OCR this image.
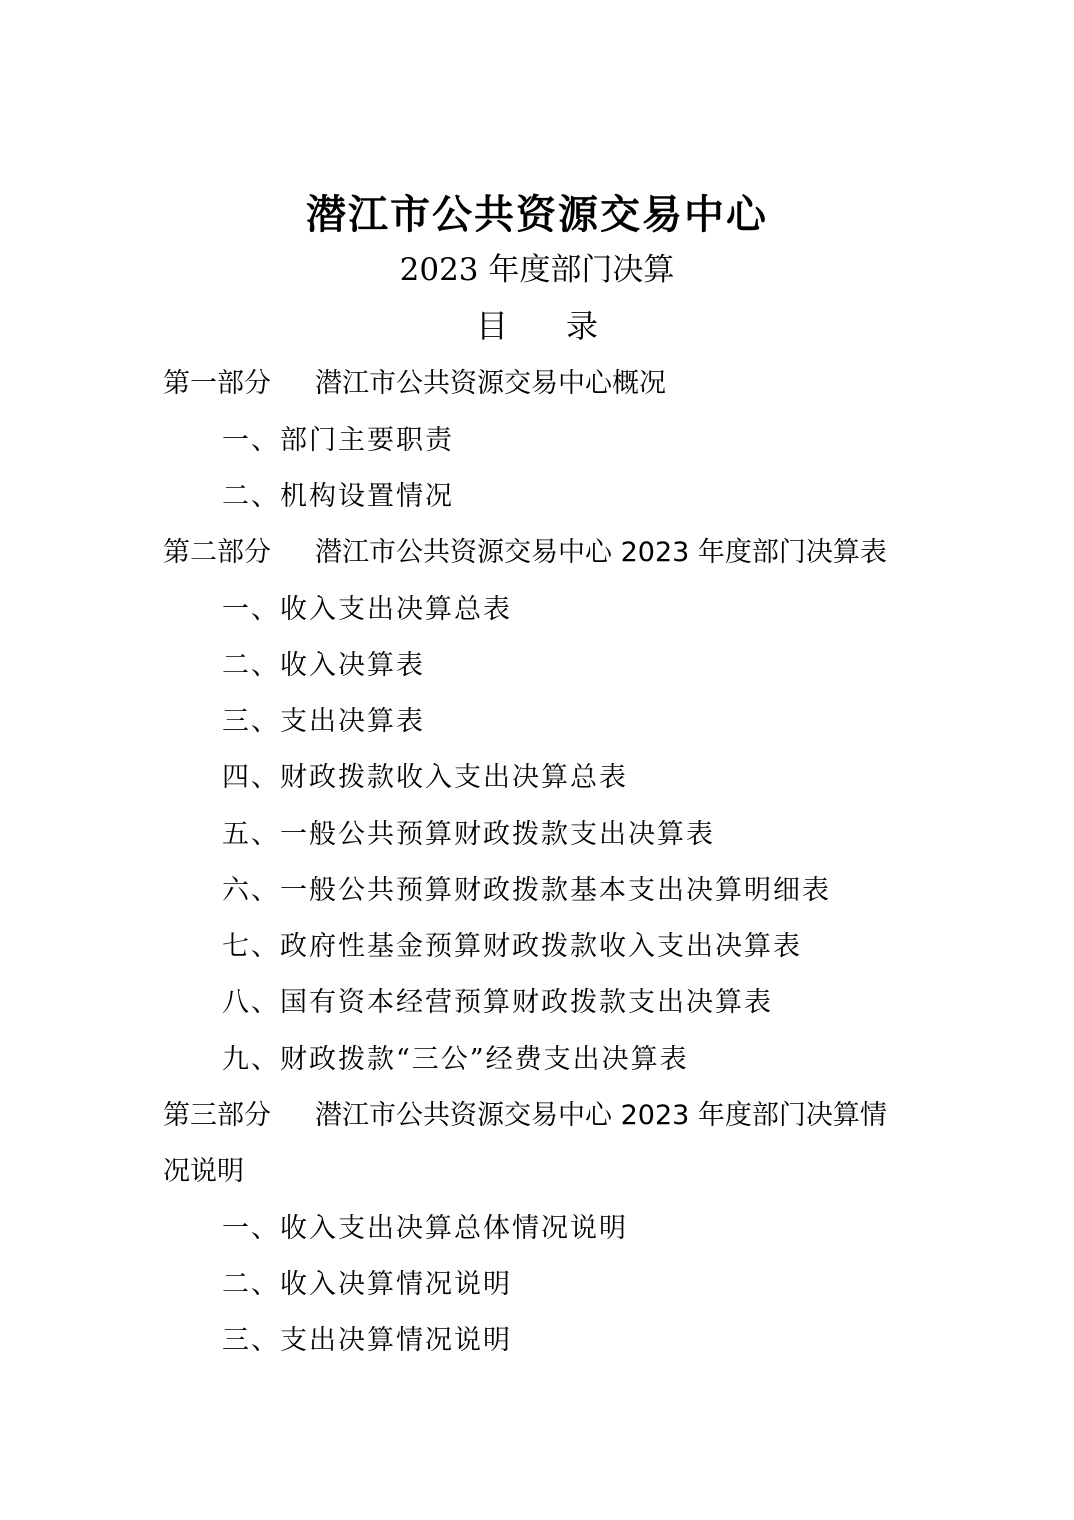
潜江市公共资源交易中心
2023 年度部门决算
目 录
第一部分 潜江市公共资源交易中心概况
一、部门主要职责
二、机构设置情况
第二部分 潜江市公共资源交易中心 2023 年度部门决算表
一、收入支出决算总表
二、收入决算表
三、支出决算表
四、财政拨款收入支出决算总表
五、一般公共预算财政拨款支出决算表
六、一般公共预算财政拨款基本支出决算明细表
七、政府性基金预算财政拨款收入支出决算表
八、国有资本经营预算财政拨款支出决算表
九、财政拨款“三公”经费支出决算表
第三部分 潜江市公共资源交易中心 2023 年度部门决算情
况说明
一、收入支出决算总体情况说明
二、收入决算情况说明
三、支出决算情况说明
